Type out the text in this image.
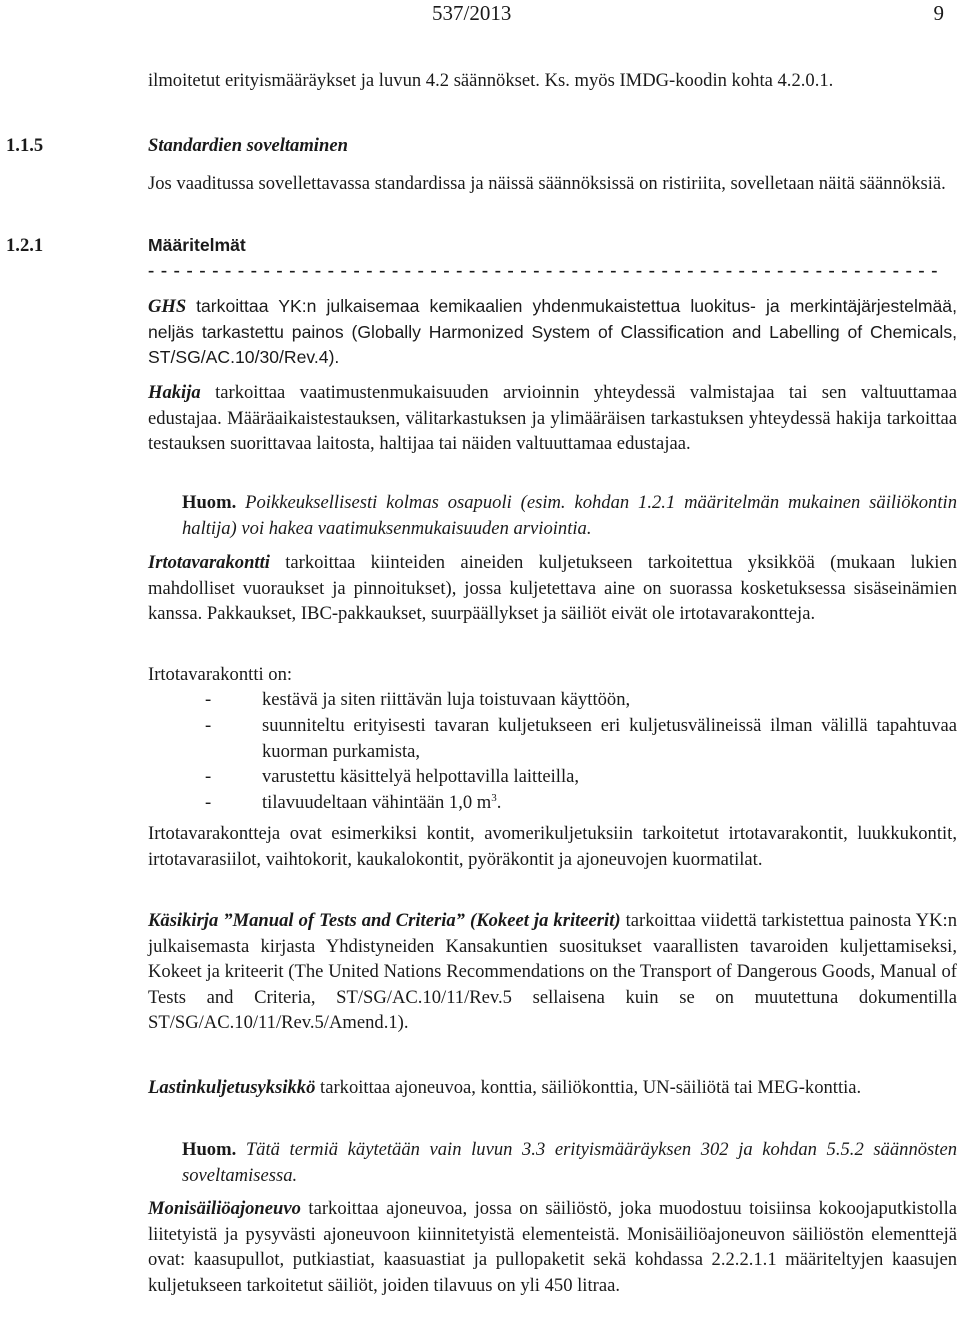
537/2013	9

ilmoitetut erityismääräykset ja luvun 4.2 säännökset. Ks. myös IMDG-koodin kohta 4.2.0.1.

1.1.5	Standardien soveltaminen

Jos vaaditussa sovellettavassa standardissa ja näissä säännöksissä on ristiriita, sovelletaan näitä säännöksiä.

1.2.1	Määritelmät

- - - - - - - - - - - - - - - - - - - - - - - - - - - - - - - - - - - - - - - - - - - - - - - - - - - - - - - - - - - - - -

GHS tarkoittaa YK:n julkaisemaa kemikaalien yhdenmukaistettua luokitus- ja merkintäjärjestelmää, neljäs tarkastettu painos (Globally Harmonized System of Classification and Labelling of Chemicals, ST/SG/AC.10/30/Rev.4).

Hakija tarkoittaa vaatimustenmukaisuuden arvioinnin yhteydessä valmistajaa tai sen valtuuttamaa edustajaa. Määräaikaistestauksen, välitarkastuksen ja ylimääräisen tarkastuksen yhteydessä hakija tarkoittaa testauksen suorittavaa laitosta, haltijaa tai näiden valtuuttamaa edustajaa.

Huom. Poikkeuksellisesti kolmas osapuoli (esim. kohdan 1.2.1 määritelmän mukainen säiliökontin haltija) voi hakea vaatimuksenmukaisuuden arviointia.

Irtotavarakontti tarkoittaa kiinteiden aineiden kuljetukseen tarkoitettua yksikköä (mukaan lukien mahdolliset vuoraukset ja pinnoitukset), jossa kuljetettava aine on suorassa kosketuksessa sisäseinämien kanssa. Pakkaukset, IBC-pakkaukset, suurpäällykset ja säiliöt eivät ole irtotavarakontteja.

Irtotavarakontti on:

-	kestävä ja siten riittävän luja toistuvaan käyttöön,
-	suunniteltu erityisesti tavaran kuljetukseen eri kuljetusvälineissä ilman välillä tapahtuvaa kuorman purkamista,
-	varustettu käsittelyä helpottavilla laitteilla,
-	tilavuudeltaan vähintään 1,0 $m^3$.

Irtotavarakontteja ovat esimerkiksi kontit, avomerikuljetuksiin tarkoitetut irtotavarakontit, luukkukontit, irtotavarasiilot, vaihtokorit, kaukalokontit, pyöräkontit ja ajoneuvojen kuormatilat.

Käsikirja ”Manual of Tests and Criteria” (Kokeet ja kriteerit) tarkoittaa viidettä tarkistettua painosta YK:n julkaisemasta kirjasta Yhdistyneiden Kansakuntien suositukset vaarallisten tavaroiden kuljettamiseksi, Kokeet ja kriteerit (The United Nations Recommendations on the Transport of Dangerous Goods, Manual of Tests and Criteria, ST/SG/AC.10/11/Rev.5 sellaisena kuin se on muutettuna dokumentilla ST/SG/AC.10/11/Rev.5/Amend.1).

Lastinkuljetusyksikkö tarkoittaa ajoneuvoa, konttia, säiliökonttia, UN-säiliötä tai MEG-konttia.

Huom. Tätä termiä käytetään vain luvun 3.3 erityismääräyksen 302 ja kohdan 5.5.2 säännösten soveltamisessa.

Monisäiliöajoneuvo tarkoittaa ajoneuvoa, jossa on säiliöstö, joka muodostuu toisiinsa kokoojaputkistolla liitetyistä ja pysyvästi ajoneuvoon kiinnitetyistä elementeistä. Monisäiliöajoneuvon säiliöstön elementtejä ovat: kaasupullot, putkiastiat, kaasuastiat ja pullopaketit sekä kohdassa 2.2.2.1.1 määriteltyjen kaasujen kuljetukseen tarkoitetut säiliöt, joiden tilavuus on yli 450 litraa.
